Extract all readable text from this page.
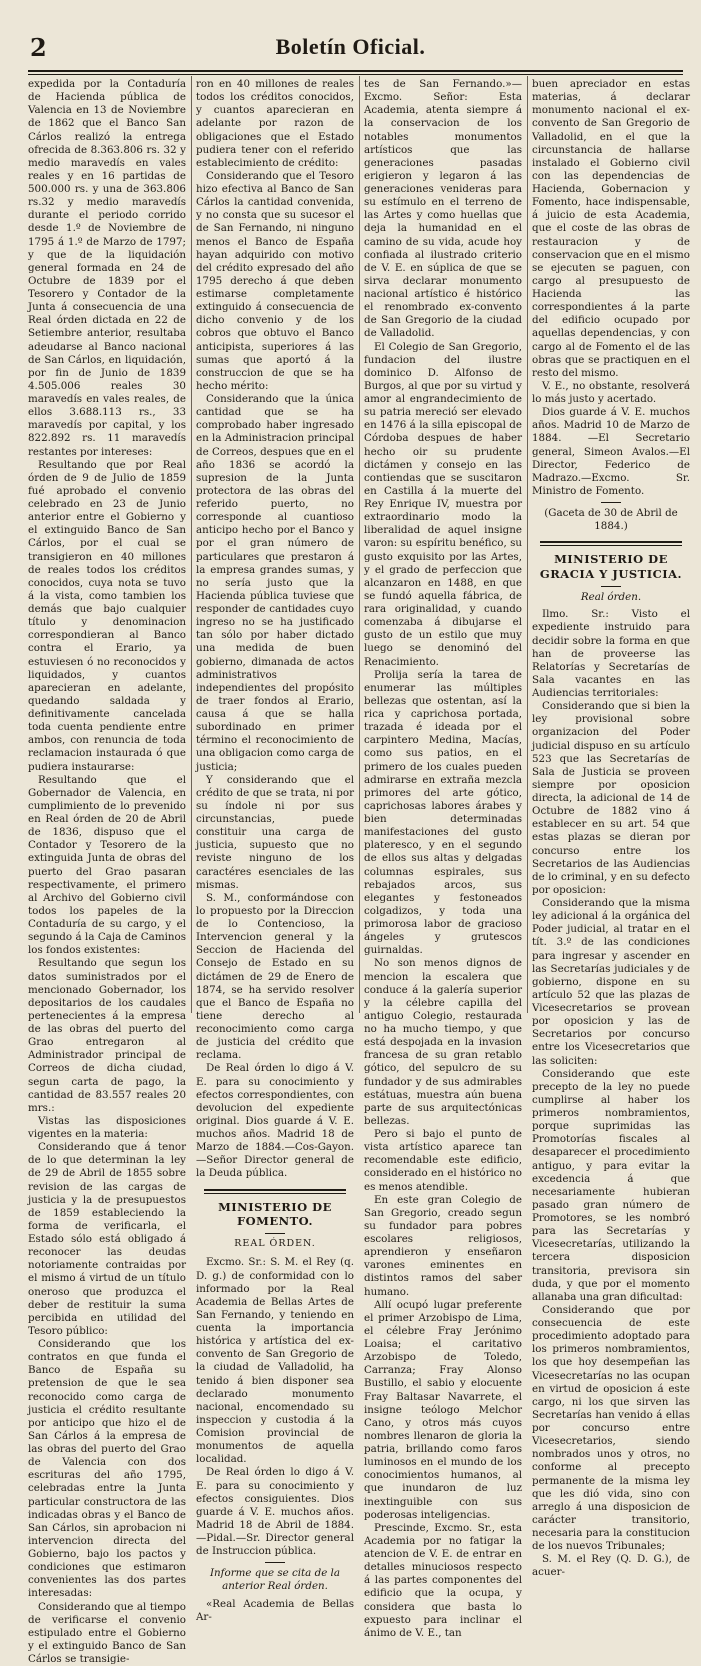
2	Boletín Oficial.

expedida por la Contaduría de Hacienda pública de Valencia en 13 de Noviembre de 1862 que el Banco San Cárlos realizó la entrega ofrecida de 8.363.806 rs. 32 y medio maravedís en vales reales y en 16 partidas de 500.000 rs. y una de 363.806 rs.32 y medio maravedís durante el periodo corrido desde 1.º de Noviembre de 1795 á 1.º de Marzo de 1797; y que de la liquidación general formada en 24 de Octubre de 1839 por el Tesorero y Contador de la Junta á consecuencia de una Real órden dictada en 22 de Setiembre anterior, resultaba adeudarse al Banco nacional de San Cárlos, en liquidación, por fin de Junio de 1839 4.505.006 reales 30 maravedís en vales reales, de ellos 3.688.113 rs., 33 maravedís por capital, y los 822.892 rs. 11 maravedís restantes por intereses:

Resultando que por Real órden de 9 de Julio de 1859 fué aprobado el convenio celebrado en 23 de Junio anterior entre el Gobierno y el extinguido Banco de San Cárlos, por el cual se transigieron en 40 millones de reales todos los créditos conocidos, cuya nota se tuvo á la vista, como tambien los demás que bajo cualquier título y denominacion correspondieran al Banco contra el Erario, ya estuviesen ó no reconocidos y liquidados, y cuantos aparecieran en adelante, quedando saldada y definitivamente cancelada toda cuenta pendiente entre ambos, con renuncia de toda reclamacion instaurada ó que pudiera instaurarse:

Resultando que el Gobernador de Valencia, en cumplimiento de lo prevenido en Real órden de 20 de Abril de 1836, dispuso que el Contador y Tesorero de la extinguida Junta de obras del puerto del Grao pasaran respectivamente, el primero al Archivo del Gobierno civil todos los papeles de la Contaduría de su cargo, y el segundo á la Caja de Caminos los fondos existentes:

Resultando que segun los datos suministrados por el mencionado Gobernador, los depositarios de los caudales pertenecientes á la empresa de las obras del puerto del Grao entregaron al Administrador principal de Correos de dicha ciudad, segun carta de pago, la cantidad de 83.557 reales 20 mrs.:

Vistas las disposiciones vigentes en la materia:

Considerando que á tenor de lo que determinan la ley de 29 de Abril de 1855 sobre revision de las cargas de justicia y la de presupuestos de 1859 estableciendo la forma de verificarla, el Estado sólo está obligado á reconocer las deudas notoriamente contraidas por el mismo á virtud de un título oneroso que produzca el deber de restituir la suma percibida en utilidad del Tesoro público:

Considerando que los contratos en que funda el Banco de España su pretension de que le sea reconocido como carga de justicia el crédito resultante por anticipo que hizo el de San Cárlos á la empresa de las obras del puerto del Grao de Valencia con dos escrituras del año 1795, celebradas entre la Junta particular constructora de las indicadas obras y el Banco de San Cárlos, sin aprobacion ni intervencion directa del Gobierno, bajo los pactos y condiciones que estimaron convenientes las dos partes interesadas:

Considerando que al tiempo de verificarse el convenio estipulado entre el Gobierno y el extinguido Banco de San Cárlos se transigie-

ron en 40 millones de reales todos los créditos conocidos, y cuantos aparecieran en adelante por razon de obligaciones que el Estado pudiera tener con el referido establecimiento de crédito:

Considerando que el Tesoro hizo efectiva al Banco de San Cárlos la cantidad convenida, y no consta que su sucesor el de San Fernando, ni ninguno menos el Banco de España hayan adquirido con motivo del crédito expresado del año 1795 derecho á que deben estimarse completamente extinguido á consecuencia de dicho convenio y de los cobros que obtuvo el Banco anticipista, superiores á las sumas que aportó á la construccion de que se ha hecho mérito:

Considerando que la única cantidad que se ha comprobado haber ingresado en la Administracion principal de Correos, despues que en el año 1836 se acordó la supresion de la Junta protectora de las obras del referido puerto, no corresponde al cuantioso anticipo hecho por el Banco y por el gran número de particulares que prestaron á la empresa grandes sumas, y no sería justo que la Hacienda pública tuviese que responder de cantidades cuyo ingreso no se ha justificado tan sólo por haber dictado una medida de buen gobierno, dimanada de actos administrativos independientes del propósito de traer fondos al Erario, causa á que se halla subordinado en primer término el reconocimiento de una obligacion como carga de justicia;

Y considerando que el crédito de que se trata, ni por su índole ni por sus circunstancias, puede constituir una carga de justicia, supuesto que no reviste ninguno de los caractéres esenciales de las mismas.

S. M., conformándose con lo propuesto por la Direccion de lo Contencioso, la Intervencion general y la Seccion de Hacienda del Consejo de Estado en su dictámen de 29 de Enero de 1874, se ha servido resolver que el Banco de España no tiene derecho al reconocimiento como carga de justicia del crédito que reclama.

De Real órden lo digo á V. E. para su conocimiento y efectos correspondientes, con devolucion del expediente original. Dios guarde á V. E. muchos años. Madrid 18 de Marzo de 1884.—Cos-Gayon.—Señor Director general de la Deuda pública.

MINISTERIO DE FOMENTO.
REAL ÓRDEN.

Excmo. Sr.: S. M. el Rey (q. D. g.) de conformidad con lo informado por la Real Academia de Bellas Artes de San Fernando, y teniendo en cuenta la importancia histórica y artística del ex-convento de San Gregorio de la ciudad de Valladolid, ha tenido á bien disponer sea declarado monumento nacional, encomendado su inspeccion y custodia á la Comision provincial de monumentos de aquella localidad.

De Real órden lo digo á V. E. para su conocimiento y efectos consiguientes. Dios guarde á V. E. muchos años. Madrid 18 de Abril de 1884.—Pidal.—Sr. Director general de Instruccion pública.

Informe que se cita de la anterior Real órden.

«Real Academia de Bellas Ar-

tes de San Fernando.»—Excmo. Señor: Esta Academia, atenta siempre á la conservacion de los notables monumentos artísticos que las generaciones pasadas erigieron y legaron á las generaciones venideras para su estímulo en el terreno de las Artes y como huellas que deja la humanidad en el camino de su vida, acude hoy confiada al ilustrado criterio de V. E. en súplica de que se sirva declarar monumento nacional artístico é histórico el renombrado ex-convento de San Gregorio de la ciudad de Valladolid.

El Colegio de San Gregorio, fundacion del ilustre dominico D. Alfonso de Burgos, al que por su virtud y amor al engrandecimiento de su patria mereció ser elevado en 1476 á la silla episcopal de Córdoba despues de haber hecho oir su prudente dictámen y consejo en las contiendas que se suscitaron en Castilla á la muerte del Rey Enrique IV, muestra por extraordinario modo la liberalidad de aquel insigne varon: su espíritu benéfico, su gusto exquisito por las Artes, y el grado de perfeccion que alcanzaron en 1488, en que se fundó aquella fábrica, de rara originalidad, y cuando comenzaba á dibujarse el gusto de un estilo que muy luego se denominó del Renacimiento.

Prolija sería la tarea de enumerar las múltiples bellezas que ostentan, así la rica y caprichosa portada, trazada é ideada por el carpintero Medina, Macías, como sus patios, en el primero de los cuales pueden admirarse en extraña mezcla primores del arte gótico, caprichosas labores árabes y bien determinadas manifestaciones del gusto plateresco, y en el segundo de ellos sus altas y delgadas columnas espirales, sus rebajados arcos, sus elegantes y festoneados colgadizos, y toda una primorosa labor de gracioso ángeles y grutescos guirnaldas.

No son menos dignos de mencion la escalera que conduce á la galería superior y la célebre capilla del antiguo Colegio, restaurada no ha mucho tiempo, y que está despojada en la invasion francesa de su gran retablo gótico, del sepulcro de su fundador y de sus admirables estátuas, muestra aún buena parte de sus arquitectónicas bellezas.

Pero si bajo el punto de vista artístico aparece tan recomendable este edificio, considerado en el histórico no es menos atendible.

En este gran Colegio de San Gregorio, creado segun su fundador para pobres escolares religiosos, aprendieron y enseñaron varones eminentes en distintos ramos del saber humano.

Allí ocupó lugar preferente el primer Arzobispo de Lima, el célebre Fray Jerónimo Loaisa; el caritativo Arzobispo de Toledo, Carranza; Fray Alonso Bustillo, el sabio y elocuente Fray Baltasar Navarrete, el insigne teólogo Melchor Cano, y otros más cuyos nombres llenaron de gloria la patria, brillando como faros luminosos en el mundo de los conocimientos humanos, al que inundaron de luz inextinguible con sus poderosas inteligencias.

Prescinde, Excmo. Sr., esta Academia por no fatigar la atencion de V. E. de entrar en detalles minuciosos respecto á las partes componentes del edificio que la ocupa, y considera que basta lo expuesto para inclinar el ánimo de V. E., tan

buen apreciador en estas materias, á declarar monumento nacional el ex-convento de San Gregorio de Valladolid, en el que la circunstancia de hallarse instalado el Gobierno civil con las dependencias de Hacienda, Gobernacion y Fomento, hace indispensable, á juicio de esta Academia, que el coste de las obras de restauracion y de conservacion que en el mismo se ejecuten se paguen, con cargo al presupuesto de Hacienda las correspondientes á la parte del edificio ocupado por aquellas dependencias, y con cargo al de Fomento el de las obras que se practiquen en el resto del mismo.

V. E., no obstante, resolverá lo más justo y acertado.

Dios guarde á V. E. muchos años. Madrid 10 de Marzo de 1884. —El Secretario general, Simeon Avalos.—El Director, Federico de Madrazo.—Excmo. Sr. Ministro de Fomento.

(Gaceta de 30 de Abril de 1884.)

MINISTERIO DE GRACIA Y JUSTICIA.
Real órden.

Ilmo. Sr.: Visto el expediente instruido para decidir sobre la forma en que han de proveerse las Relatorías y Secretarías de Sala vacantes en las Audiencias territoriales:

Considerando que si bien la ley provisional sobre organizacion del Poder judicial dispuso en su artículo 523 que las Secretarías de Sala de Justicia se proveen siempre por oposicion directa, la adicional de 14 de Octubre de 1882 vino á establecer en su art. 54 que estas plazas se dieran por concurso entre los Secretarios de las Audiencias de lo criminal, y en su defecto por oposicion:

Considerando que la misma ley adicional á la orgánica del Poder judicial, al tratar en el tít. 3.º de las condiciones para ingresar y ascender en las Secretarías judiciales y de gobierno, dispone en su artículo 52 que las plazas de Vicesecretarios se provean por oposicion y las de Secretarios por concurso entre los Vicesecretarios que las soliciten:

Considerando que este precepto de la ley no puede cumplirse al haber los primeros nombramientos, porque suprimidas las Promotorías fiscales al desaparecer el procedimiento antiguo, y para evitar la excedencia á que necesariamente hubieran pasado gran número de Promotores, se les nombró para las Secretarías y Vicesecretarías, utilizando la tercera disposicion transitoria, previsora sin duda, y que por el momento allanaba una gran dificultad:

Considerando que por consecuencia de este procedimiento adoptado para los primeros nombramientos, los que hoy desempeñan las Vicesecretarías no las ocupan en virtud de oposicion á este cargo, ni los que sirven las Secretarías han venido á ellas por concurso entre Vicesecretarios, siendo nombrados unos y otros, no conforme al precepto permanente de la misma ley que les dió vida, sino con arreglo á una disposicion de carácter transitorio, necesaria para la constitucion de los nuevos Tribunales;

S. M. el Rey (Q. D. G.), de acuer-
